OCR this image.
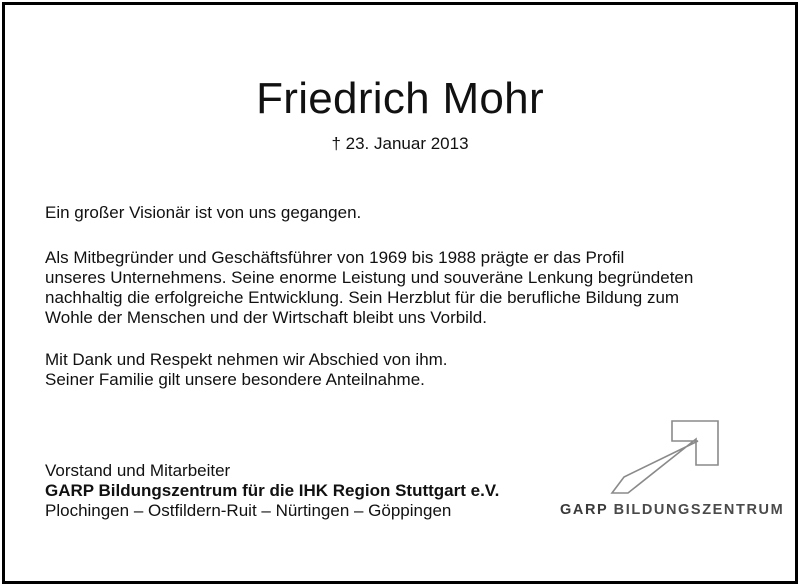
Friedrich Mohr
† 23. Januar 2013
Ein großer Visionär ist von uns gegangen.
Als Mitbegründer und Geschäftsführer von 1969 bis 1988 prägte er das Profil
unseres Unternehmens. Seine enorme Leistung und souveräne Lenkung begründeten
nachhaltig die erfolgreiche Entwicklung. Sein Herzblut für die berufliche Bildung zum
Wohle der Menschen und der Wirtschaft bleibt uns Vorbild.
Mit Dank und Respekt nehmen wir Abschied von ihm.
Seiner Familie gilt unsere besondere Anteilnahme.
Vorstand und Mitarbeiter
GARP Bildungszentrum für die IHK Region Stuttgart e.V.
Plochingen – Ostfildern-Ruit – Nürtingen – Göppingen	GARP BILDUNGSZENTRUM
